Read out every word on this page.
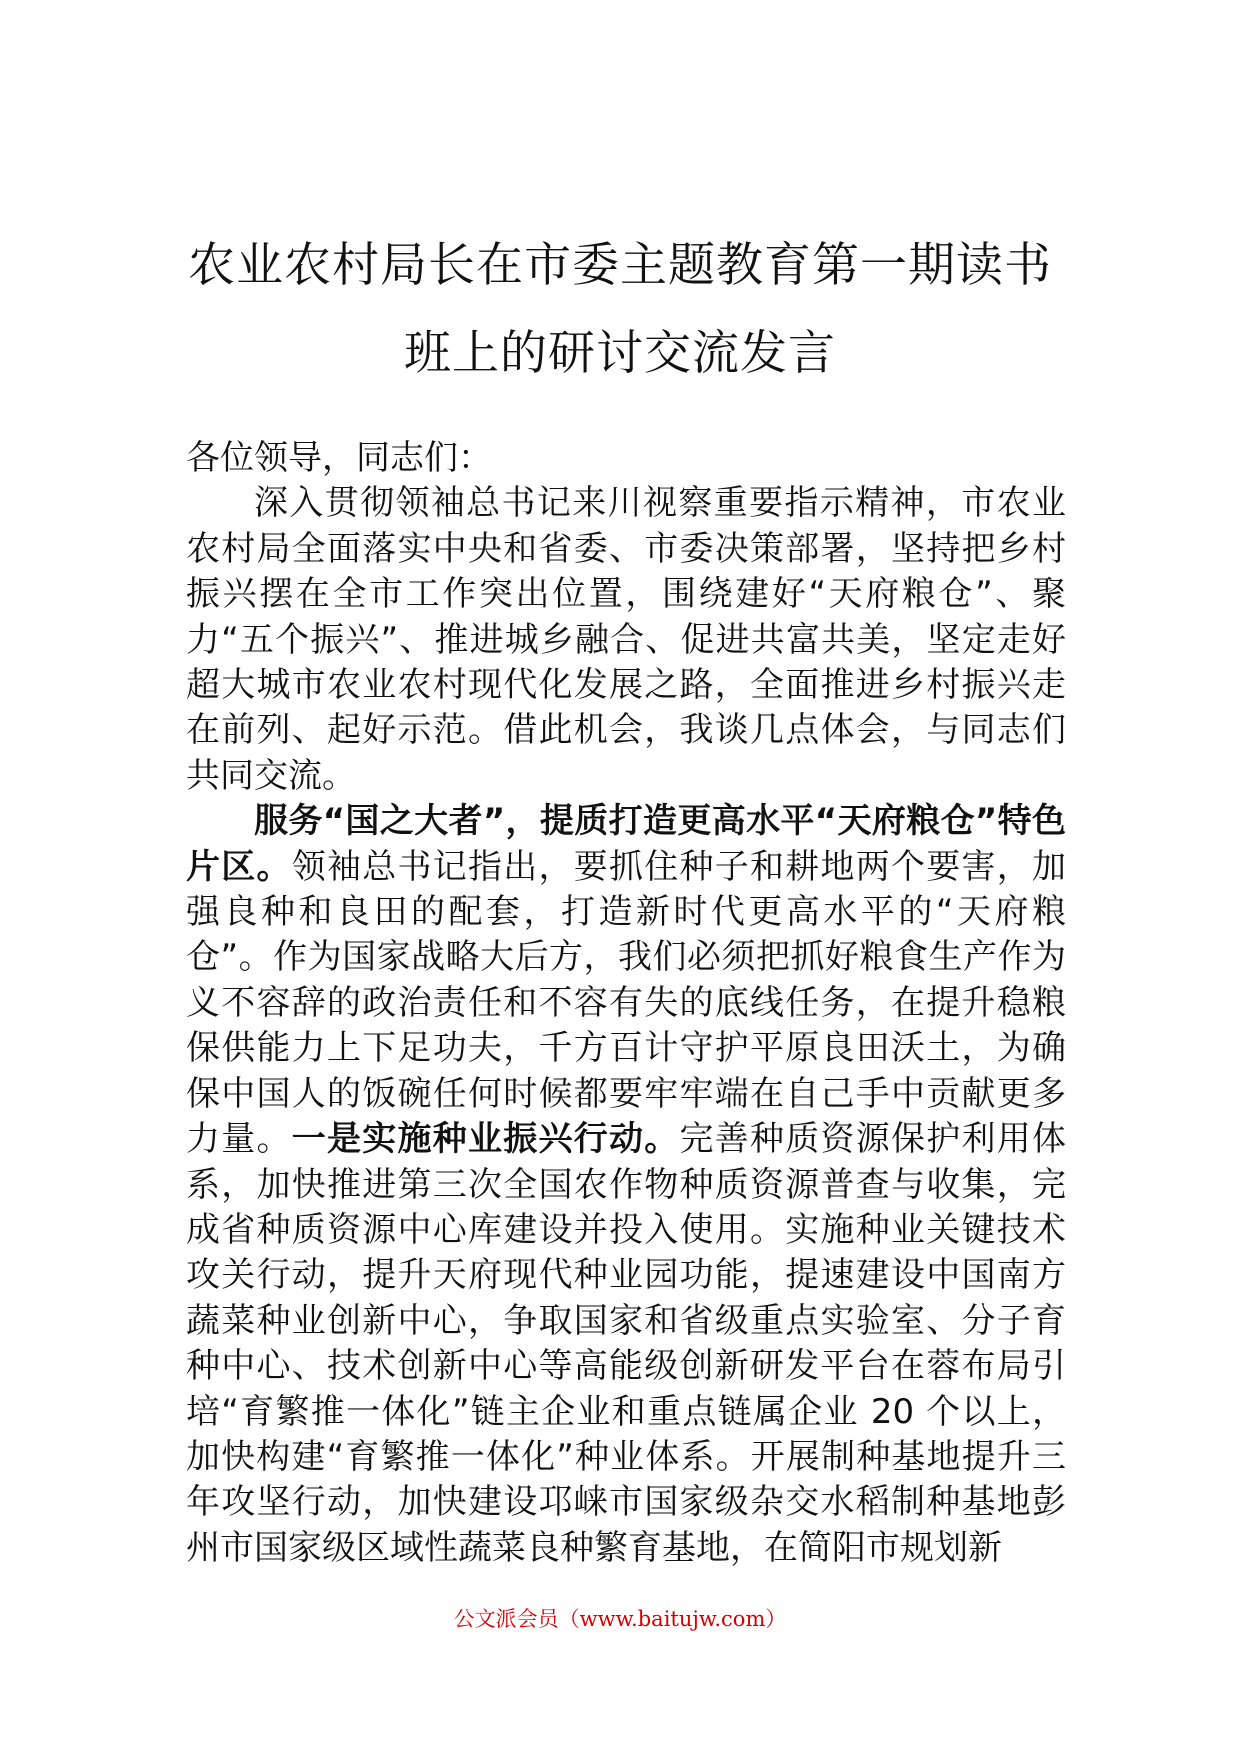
农业农村局长在市委主题教育第一期读书
班上的研讨交流发言

各位领导，同志们：

深入贯彻领袖总书记来川视察重要指示精神，市农业农村局全面落实中央和省委、市委决策部署，坚持把乡村振兴摆在全市工作突出位置，围绕建好“天府粮仓”、聚力“五个振兴”、推进城乡融合、促进共富共美，坚定走好超大城市农业农村现代化发展之路，全面推进乡村振兴走在前列、起好示范。借此机会，我谈几点体会，与同志们共同交流。

服务“国之大者”，提质打造更高水平“天府粮仓”特色片区。领袖总书记指出，要抓住种子和耕地两个要害，加强良种和良田的配套，打造新时代更高水平的“天府粮仓”。作为国家战略大后方，我们必须把抓好粮食生产作为义不容辞的政治责任和不容有失的底线任务，在提升稳粮保供能力上下足功夫，千方百计守护平原良田沃土，为确保中国人的饭碗任何时候都要牢牢端在自己手中贡献更多力量。一是实施种业振兴行动。完善种质资源保护利用体系，加快推进第三次全国农作物种质资源普查与收集，完成省种质资源中心库建设并投入使用。实施种业关键技术攻关行动，提升天府现代种业园功能，提速建设中国南方蔬菜种业创新中心，争取国家和省级重点实验室、分子育种中心、技术创新中心等高能级创新研发平台在蓉布局引培“育繁推一体化”链主企业和重点链属企业 20 个以上，加快构建“育繁推一体化”种业体系。开展制种基地提升三年攻坚行动，加快建设邛崃市国家级杂交水稻制种基地彭州市国家级区域性蔬菜良种繁育基地，在简阳市规划新

公文派会员（www.baitujw.com）
